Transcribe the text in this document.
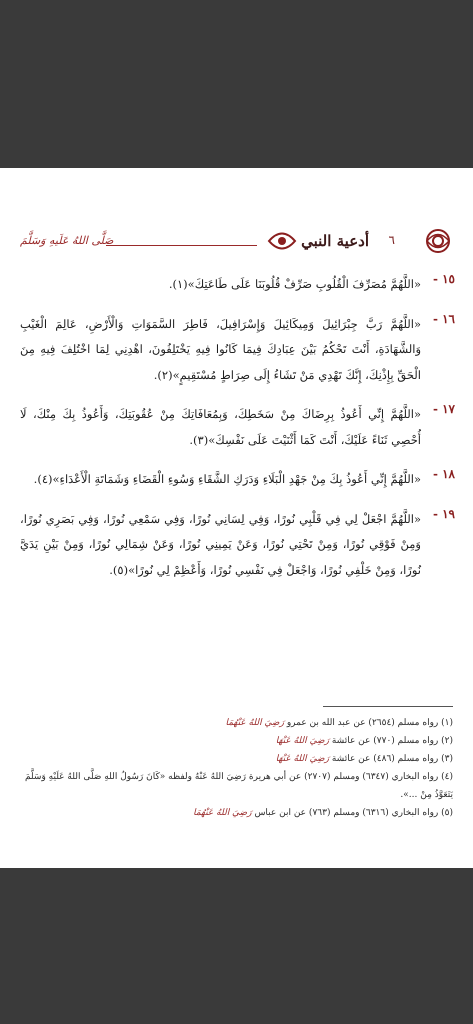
٦
أدعية النبي
صَلَّى اللهُ عَلَيهِ وَسَلَّمَ
١٥ -
«اللَّهُمَّ مُصَرِّفَ الْقُلُوبِ صَرِّفْ قُلُوبَنَا عَلَى طَاعَتِكَ»(١).
١٦ -
«اللَّهُمَّ رَبَّ جِبْرَائِيلَ وَمِيكَائِيلَ وَإِسْرَافِيلَ، فَاطِرَ السَّمَوَاتِ وَالْأَرْضِ، عَالِمَ الْغَيْبِ وَالشَّهَادَةِ، أَنْتَ تَحْكُمُ بَيْنَ عِبَادِكَ فِيمَا كَانُوا فِيهِ يَخْتَلِفُونَ، اهْدِنِي لِمَا اخْتُلِفَ فِيهِ مِنَ الْحَقِّ بِإِذْنِكَ، إِنَّكَ تَهْدِي مَنْ تَشَاءُ إِلَى صِرَاطٍ مُسْتَقِيمٍ»(٢).
١٧ -
«اللَّهُمَّ إِنِّي أَعُوذُ بِرِضَاكَ مِنْ سَخَطِكَ، وَبِمُعَافَاتِكَ مِنْ عُقُوبَتِكَ، وَأَعُوذُ بِكَ مِنْكَ، لَا أُحْصِي ثَنَاءً عَلَيْكَ، أَنْتَ كَمَا أَثْنَيْتَ عَلَى نَفْسِكَ»(٣).
١٨ -
«اللَّهُمَّ إِنِّي أَعُوذُ بِكَ مِنْ جَهْدِ الْبَلَاءِ وَدَرَكِ الشَّقَاءِ وَسُوءِ الْقَضَاءِ وَشَمَاتَةِ الْأَعْدَاءِ»(٤).
١٩ -
«اللَّهُمَّ اجْعَلْ لِي فِي قَلْبِي نُورًا، وَفِي لِسَانِي نُورًا، وَفِي سَمْعِي نُورًا، وَفِي بَصَرِي نُورًا، وَمِنْ فَوْقِي نُورًا، وَمِنْ تَحْتِي نُورًا، وَعَنْ يَمِينِي نُورًا، وَعَنْ شِمَالِي نُورًا، وَمِنْ بَيْنِ يَدَيَّ نُورًا، وَمِنْ خَلْفِي نُورًا، وَاجْعَلْ فِي نَفْسِي نُورًا، وَأَعْظِمْ لِي نُورًا»(٥).
(١) رواه مسلم (٢٦٥٤) عن عبد الله بن عمرو رَضِيَ اللهُ عَنْهُمَا
(٢) رواه مسلم (٧٧٠) عن عائشة رَضِيَ اللهُ عَنْهَا
(٣) رواه مسلم (٤٨٦) عن عائشة رَضِيَ اللهُ عَنْهَا
(٤) رواه البخاري (٦٣٤٧) ومسلم (٢٧٠٧) عن أبي هريرة رَضِيَ اللهُ عَنْهُ ولفظه «كَانَ رَسُولُ اللهِ صَلَّى اللهُ عَلَيْهِ وَسَلَّمَ يَتَعَوَّذُ مِنْ ...».
(٥) رواه البخاري (٦٣١٦) ومسلم (٧٦٣) عن ابن عباس رَضِيَ اللهُ عَنْهُمَا
